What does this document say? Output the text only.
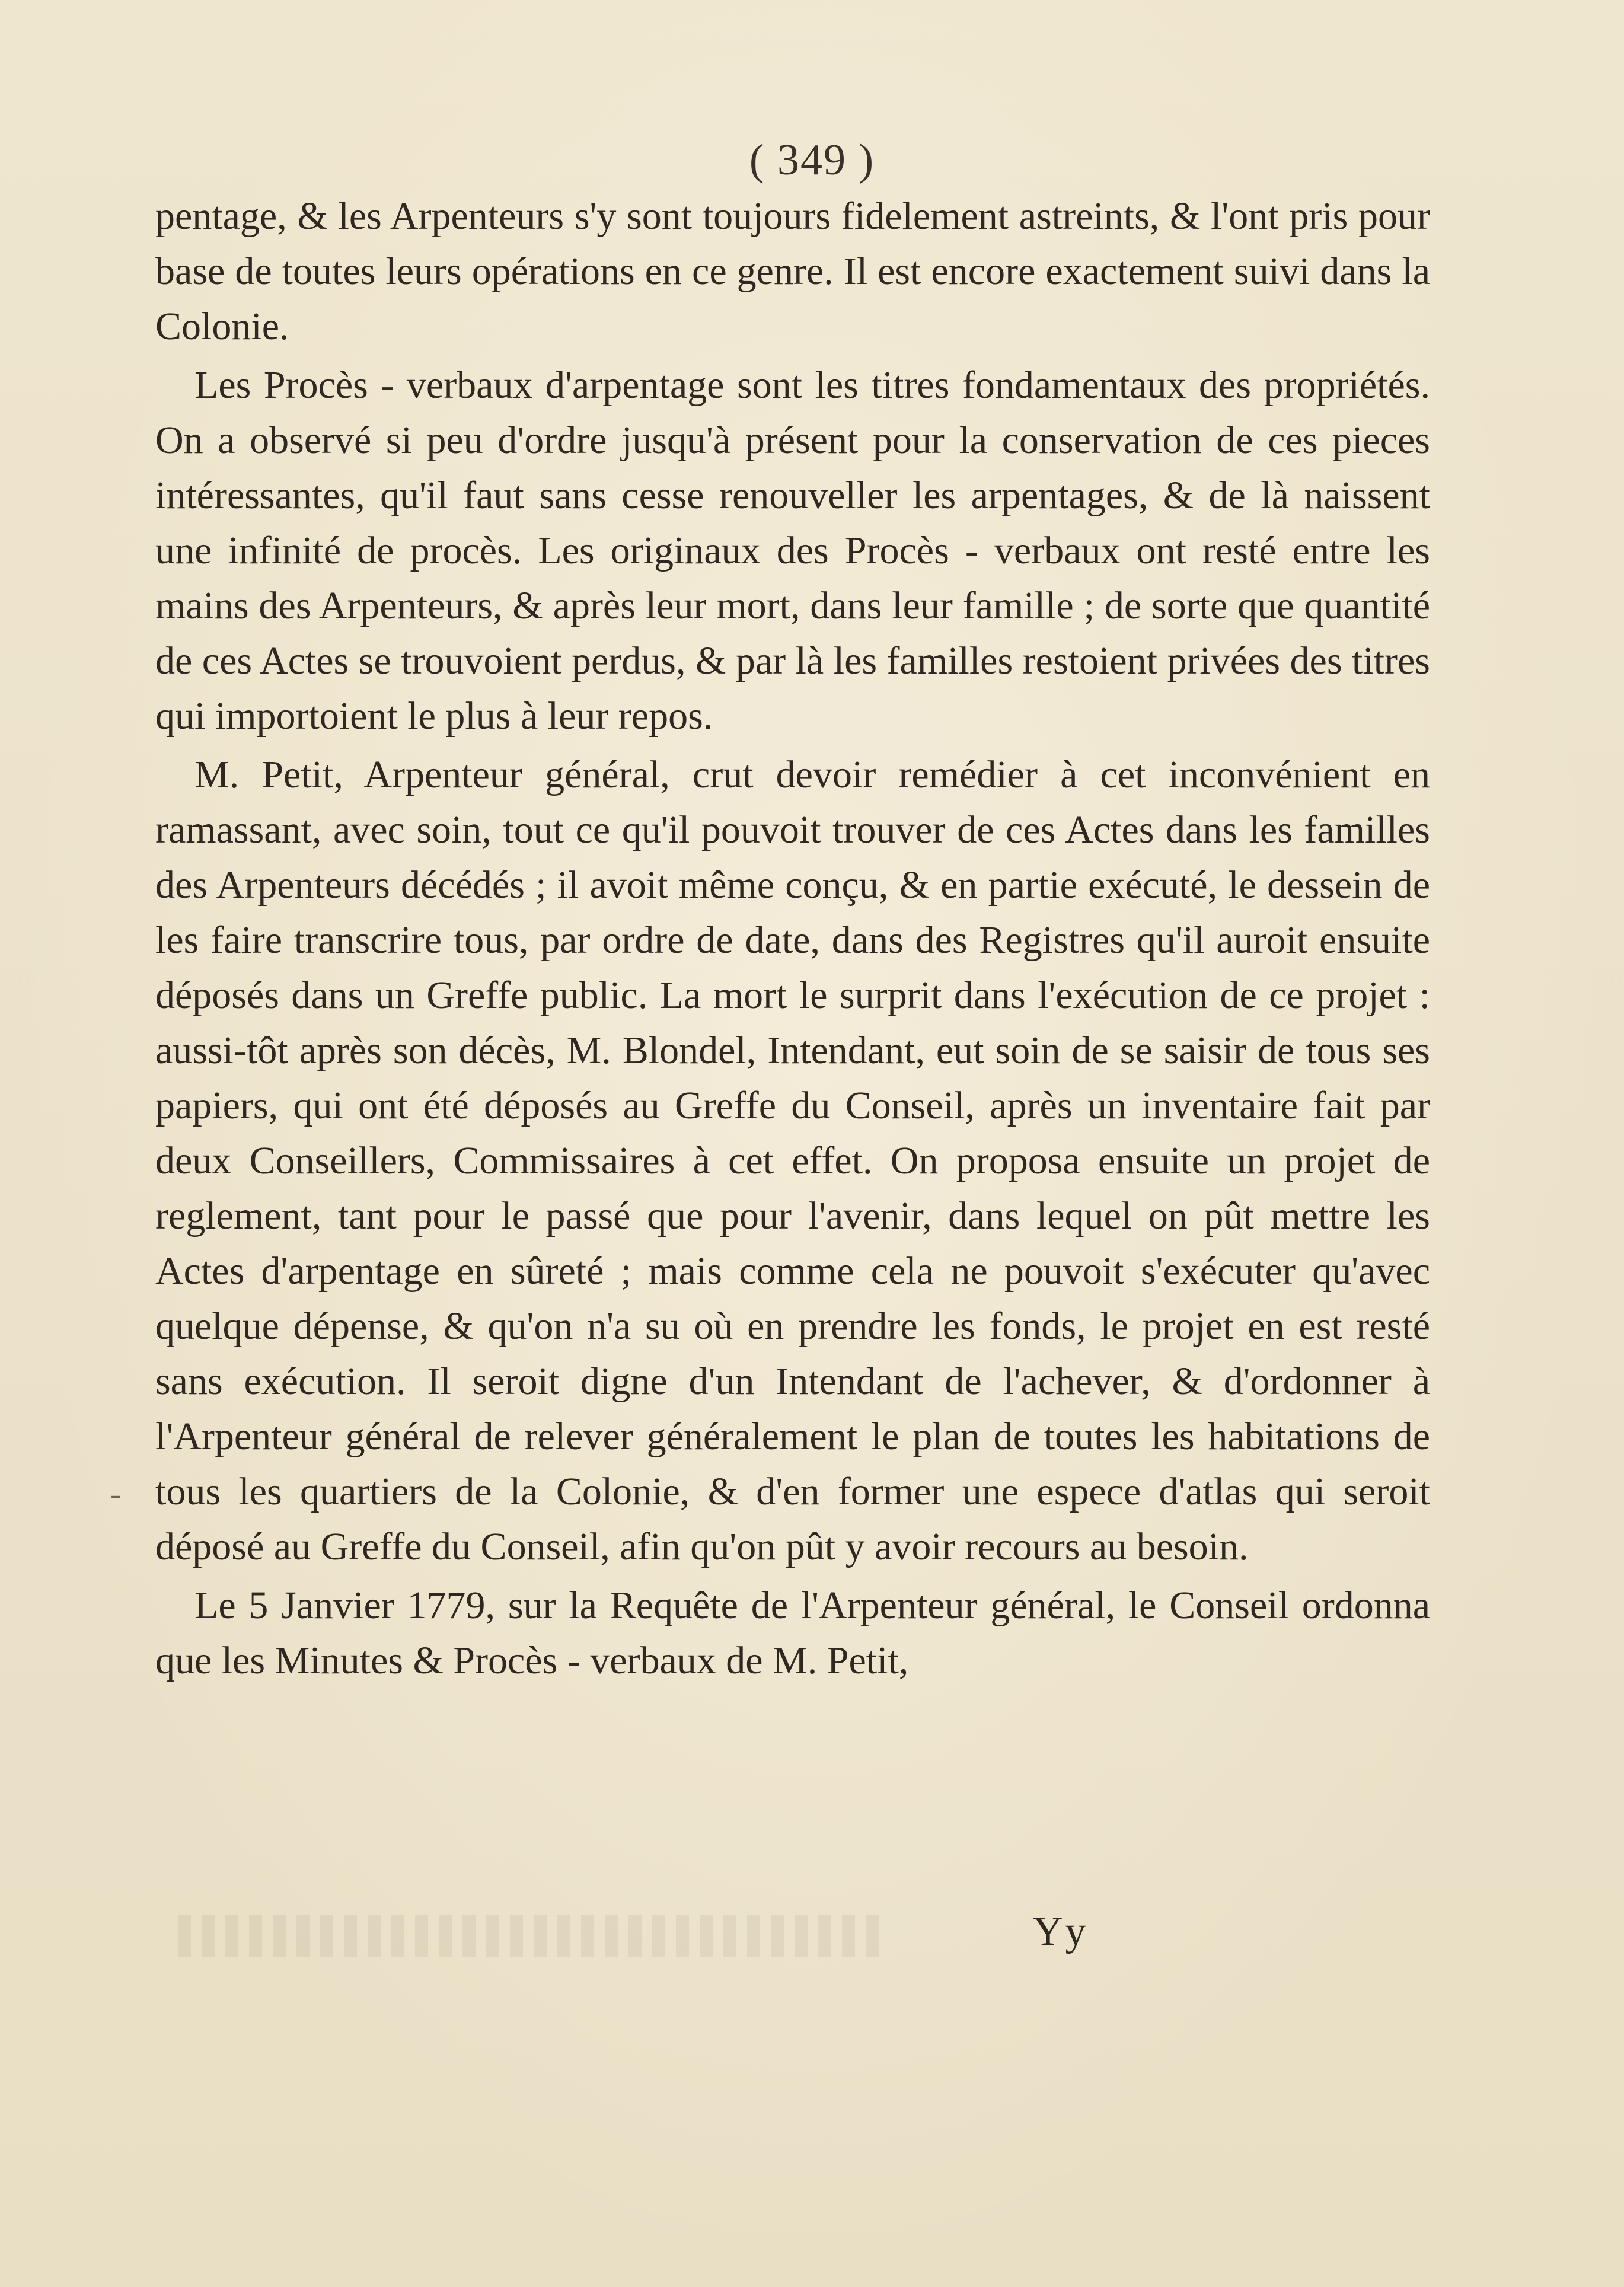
( 349 )
-

pentage, & les Arpenteurs s'y sont toujours fidelement astreints, & l'ont pris pour base de toutes leurs opérations en ce genre. Il est encore exactement suivi dans la Colonie.

Les Procès - verbaux d'arpentage sont les titres fondamentaux des propriétés. On a observé si peu d'ordre jusqu'à présent pour la conservation de ces pieces intéressantes, qu'il faut sans cesse renouveller les arpentages, & de là naissent une infinité de procès. Les originaux des Procès - verbaux ont resté entre les mains des Arpenteurs, & après leur mort, dans leur famille ; de sorte que quantité de ces Actes se trouvoient perdus, & par là les familles restoient privées des titres qui importoient le plus à leur repos.

M. Petit, Arpenteur général, crut devoir remédier à cet inconvénient en ramassant, avec soin, tout ce qu'il pouvoit trouver de ces Actes dans les familles des Arpenteurs décédés ; il avoit même conçu, & en partie exécuté, le dessein de les faire transcrire tous, par ordre de date, dans des Registres qu'il auroit ensuite déposés dans un Greffe public. La mort le surprit dans l'exécution de ce projet : aussi-tôt après son décès, M. Blondel, Intendant, eut soin de se saisir de tous ses papiers, qui ont été déposés au Greffe du Conseil, après un inventaire fait par deux Conseillers, Commissaires à cet effet. On proposa ensuite un projet de reglement, tant pour le passé que pour l'avenir, dans lequel on pût mettre les Actes d'arpentage en sûreté ; mais comme cela ne pouvoit s'exécuter qu'avec quelque dépense, & qu'on n'a su où en prendre les fonds, le projet en est resté sans exécution. Il seroit digne d'un Intendant de l'achever, & d'ordonner à l'Arpenteur général de relever généralement le plan de toutes les habitations de tous les quartiers de la Colonie, & d'en former une espece d'atlas qui seroit déposé au Greffe du Conseil, afin qu'on pût y avoir recours au besoin.

Le 5 Janvier 1779, sur la Requête de l'Arpenteur général, le Conseil ordonna que les Minutes & Procès - verbaux de M. Petit,

Yy
